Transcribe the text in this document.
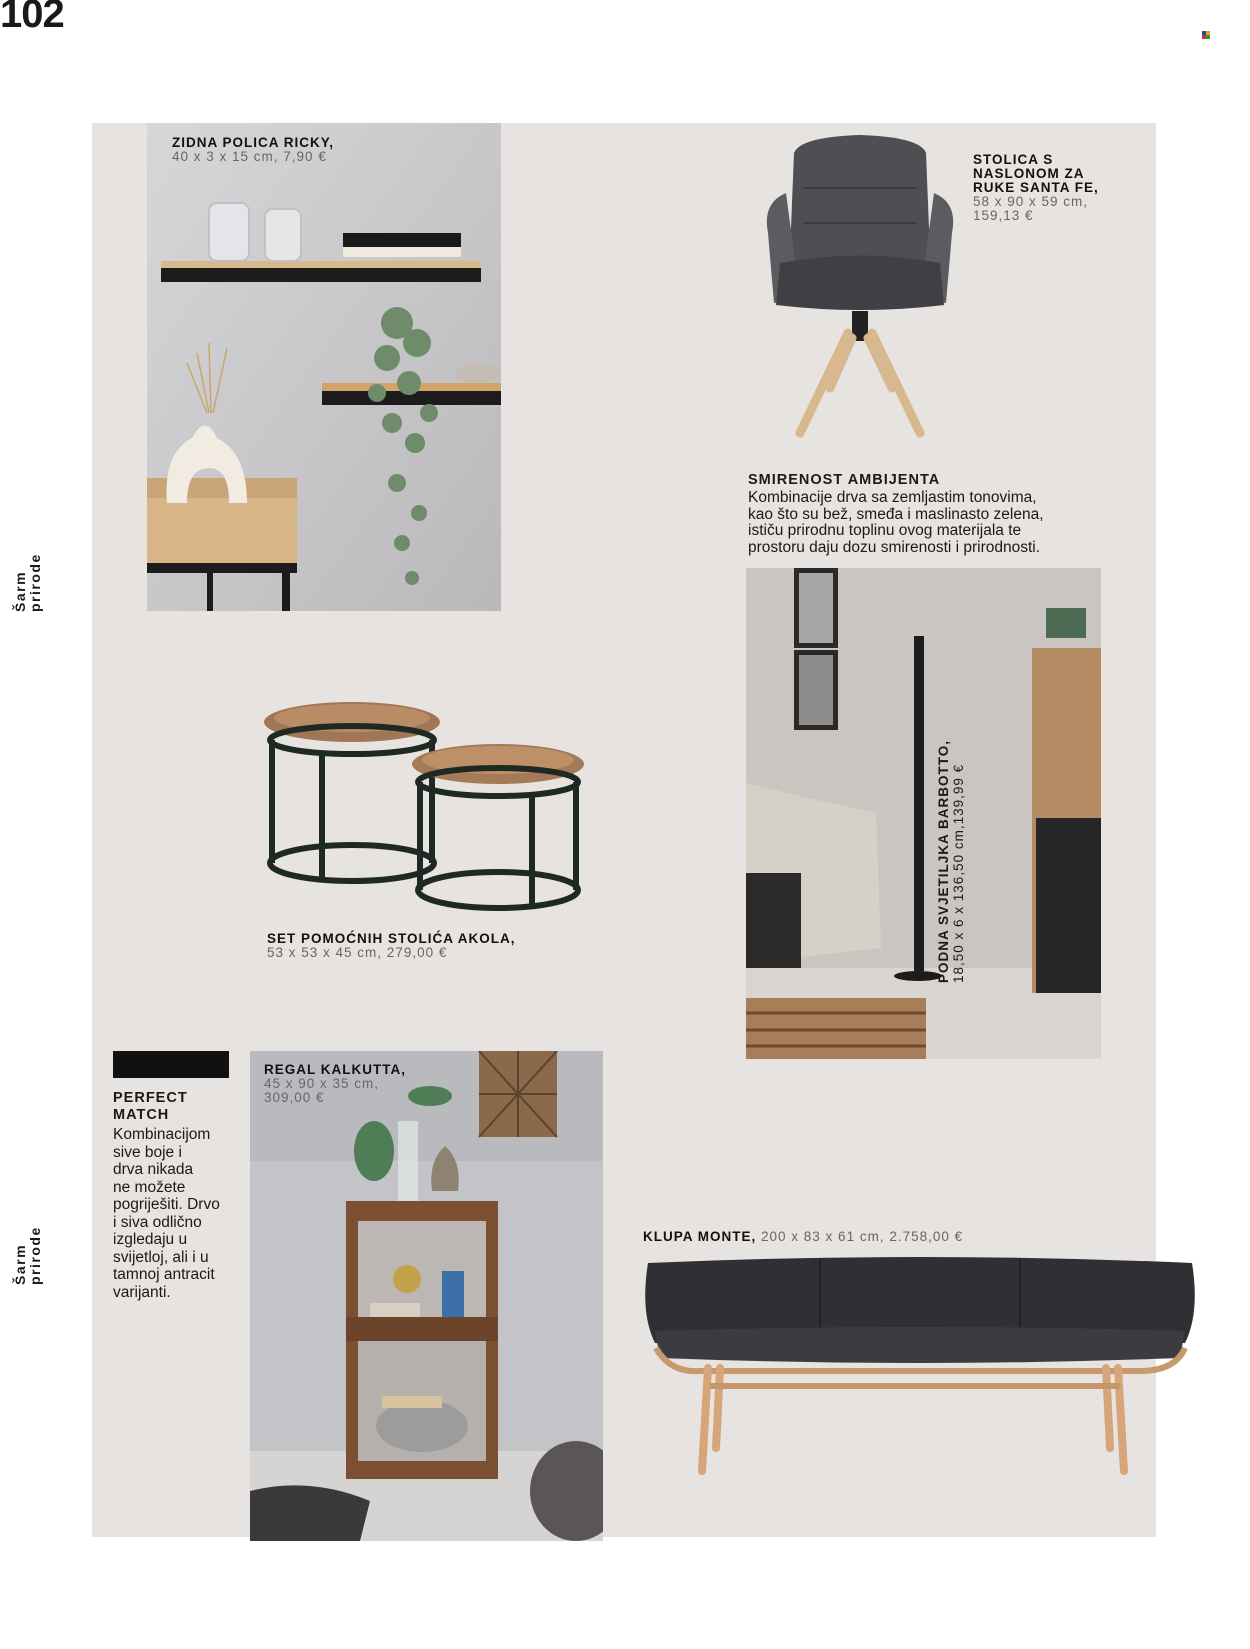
102
Šarm prirode
Šarm prirode
ZIDNA POLICA RICKY,
40 x 3 x 15 cm, 7,90 €	STOLICA S
NASLONOM ZA
RUKE SANTA FE,
58 x 90 x 59 cm,
159,13 €
SMIRENOST AMBIJENTA
Kombinacije drva sa zemljastim tonovima,
kao što su bež, smeđa i maslinasto zelena,
ističu prirodnu toplinu ovog materijala te
prostoru daju dozu smirenosti i prirodnosti.
PODNA SVJETILJKA BARBOTTO, 18,50 x 6 x 136,50 cm,139,99 €
SET POMOĆNIH STOLIĆA AKOLA,
53 x 53 x 45 cm, 279,00 €
PERFECT
MATCH
Kombinacijom
sive boje i
drva nikada
ne možete
pogriješiti. Drvo
i siva odlično
izgledaju u
svijetloj, ali i u
tamnoj antracit
varijanti.
REGAL KALKUTTA,
45 x 90 x 35 cm,
309,00 €
KLUPA MONTE, 200 x 83 x 61 cm, 2.758,00 €
